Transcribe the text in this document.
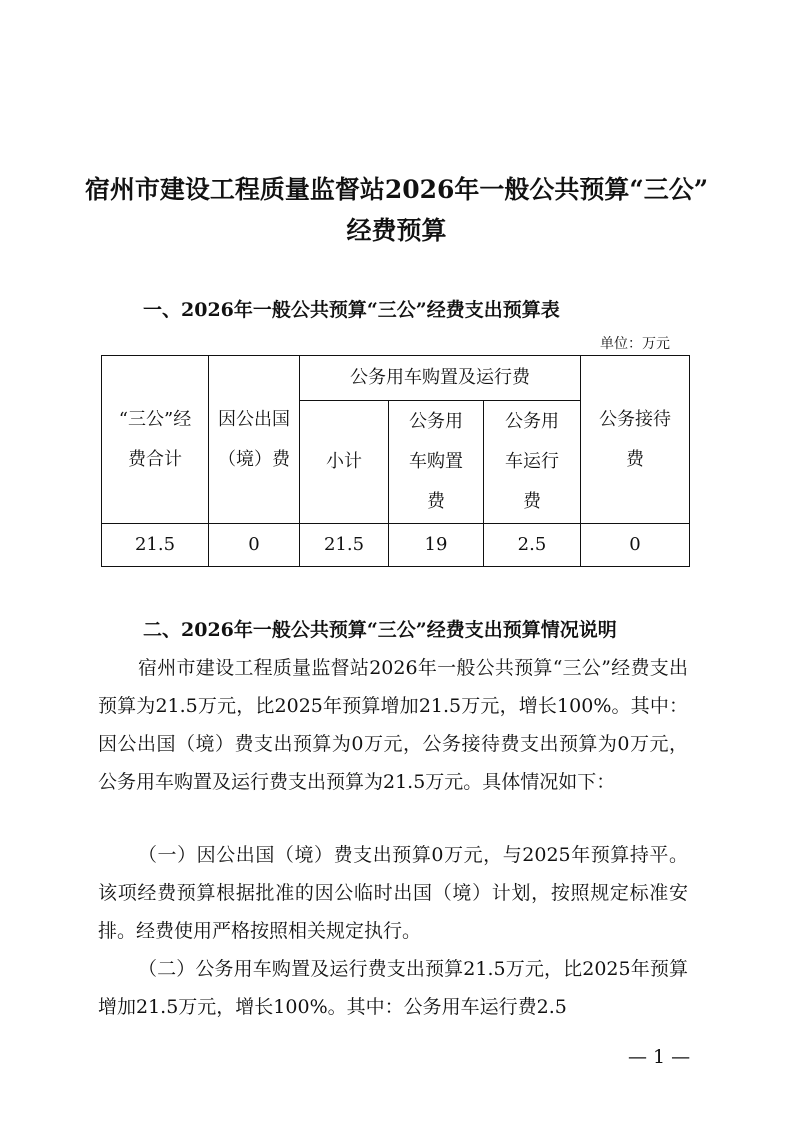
宿州市建设工程质量监督站2026年一般公共预算“三公”
经费预算
一、2026年一般公共预算“三公”经费支出预算表
单位：万元
“三公”经费合计	因公出国（境）费	公务用车购置及运行费			公务接待费

		小计	公务用车购置费	公务用车运行费	

21.5	0	21.5	19	2.5	0
二、2026年一般公共预算“三公”经费支出预算情况说明
宿州市建设工程质量监督站2026年一般公共预算“三公”经费支出预算为21.5万元，比2025年预算增加21.5万元，增长100%。其中：因公出国（境）费支出预算为0万元，公务接待费支出预算为0万元，公务用车购置及运行费支出预算为21.5万元。具体情况如下：
（一）因公出国（境）费支出预算0万元，与2025年预算持平。该项经费预算根据批准的因公临时出国（境）计划，按照规定标准安排。经费使用严格按照相关规定执行。
（二）公务用车购置及运行费支出预算21.5万元，比2025年预算增加21.5万元，增长100%。其中：公务用车运行费2.5
— 1 —
